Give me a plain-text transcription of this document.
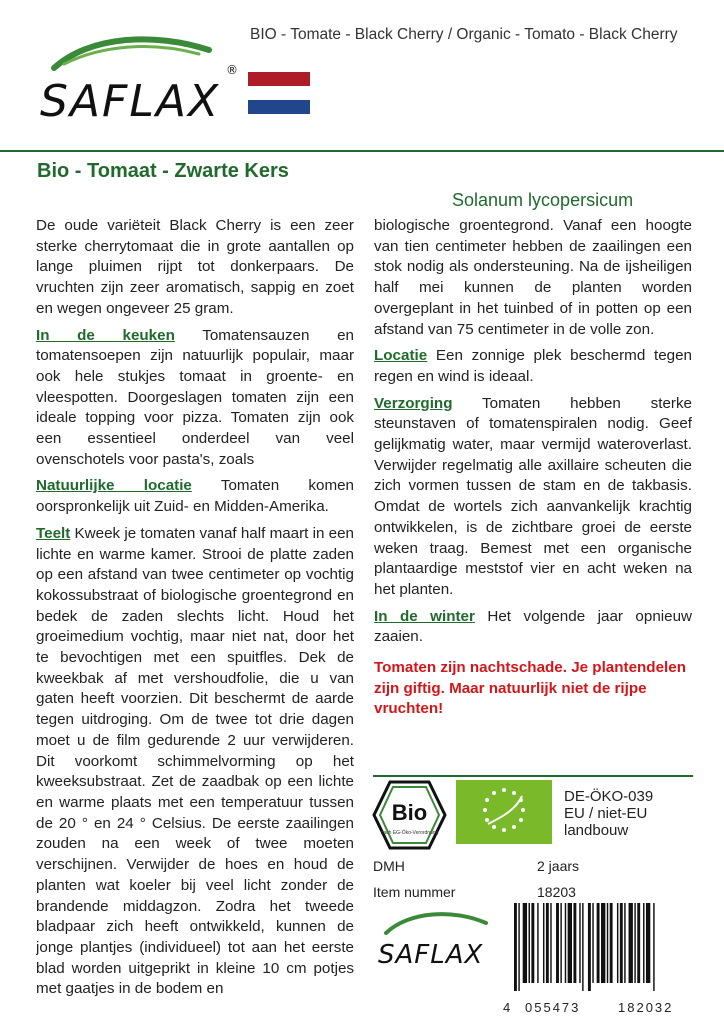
BIO - Tomate - Black Cherry / Organic - Tomato - Black Cherry
SAFLAX
®
Bio - Tomaat - Zwarte Kers
Solanum lycopersicum

De oude variëteit Black Cherry is een zeer sterke cherrytomaat die in grote aantallen op lange pluimen rijpt tot donkerpaars. De vruchten zijn zeer aromatisch, sappig en zoet en wegen ongeveer 25 gram.

In de keuken Tomatensauzen en tomatensoepen zijn natuurlijk populair, maar ook hele stukjes tomaat in groente- en vleespotten. Doorgeslagen tomaten zijn een ideale topping voor pizza. Tomaten zijn ook een essentieel onderdeel van veel ovenschotels voor pasta's, zoals

Natuurlijke locatie Tomaten komen oorspronkelijk uit Zuid- en Midden-Amerika.

Teelt Kweek je tomaten vanaf half maart in een lichte en warme kamer. Strooi de platte zaden op een afstand van twee centimeter op vochtig kokossubstraat of biologische groentegrond en bedek de zaden slechts licht. Houd het groeimedium vochtig, maar niet nat, door het te bevochtigen met een spuitfles. Dek de kweekbak af met vershoudfolie, die u van gaten heeft voorzien. Dit beschermt de aarde tegen uitdroging. Om de twee tot drie dagen moet u de film gedurende 2 uur verwijderen. Dit voorkomt schimmelvorming op het kweeksubstraat. Zet de zaadbak op een lichte en warme plaats met een temperatuur tussen de 20 ° en 24 ° Celsius. De eerste zaailingen zouden na een week of twee moeten verschijnen. Verwijder de hoes en houd de planten wat koeler bij veel licht zonder de brandende middagzon. Zodra het tweede bladpaar zich heeft ontwikkeld, kunnen de jonge plantjes (individueel) tot aan het eerste blad worden uitgeprikt in kleine 10 cm potjes met gaatjes in de bodem en

biologische groentegrond. Vanaf een hoogte van tien centimeter hebben de zaailingen een stok nodig als ondersteuning. Na de ijsheiligen half mei kunnen de planten worden overgeplant in het tuinbed of in potten op een afstand van 75 centimeter in de volle zon.

Locatie Een zonnige plek beschermd tegen regen en wind is ideaal.

Verzorging Tomaten hebben sterke steunstaven of tomatenspiralen nodig. Geef gelijkmatig water, maar vermijd wateroverlast. Verwijder regelmatig alle axillaire scheuten die zich vormen tussen de stam en de takbasis. Omdat de wortels zich aanvankelijk krachtig ontwikkelen, is de zichtbare groei de eerste weken traag. Bemest met een organische plantaardige meststof vier en acht weken na het planten.

In de winter Het volgende jaar opnieuw zaaien.

Tomaten zijn nachtschade. Je plantendelen zijn giftig. Maar natuurlijk niet de rijpe vruchten!

Bio
nach EG-Öko-Verordnung
DE-ÖKO-039
EU / niet-EU
landbouw
DMH	2 jaars
Item nummer	18203
SAFLAX
4 055473	182032
